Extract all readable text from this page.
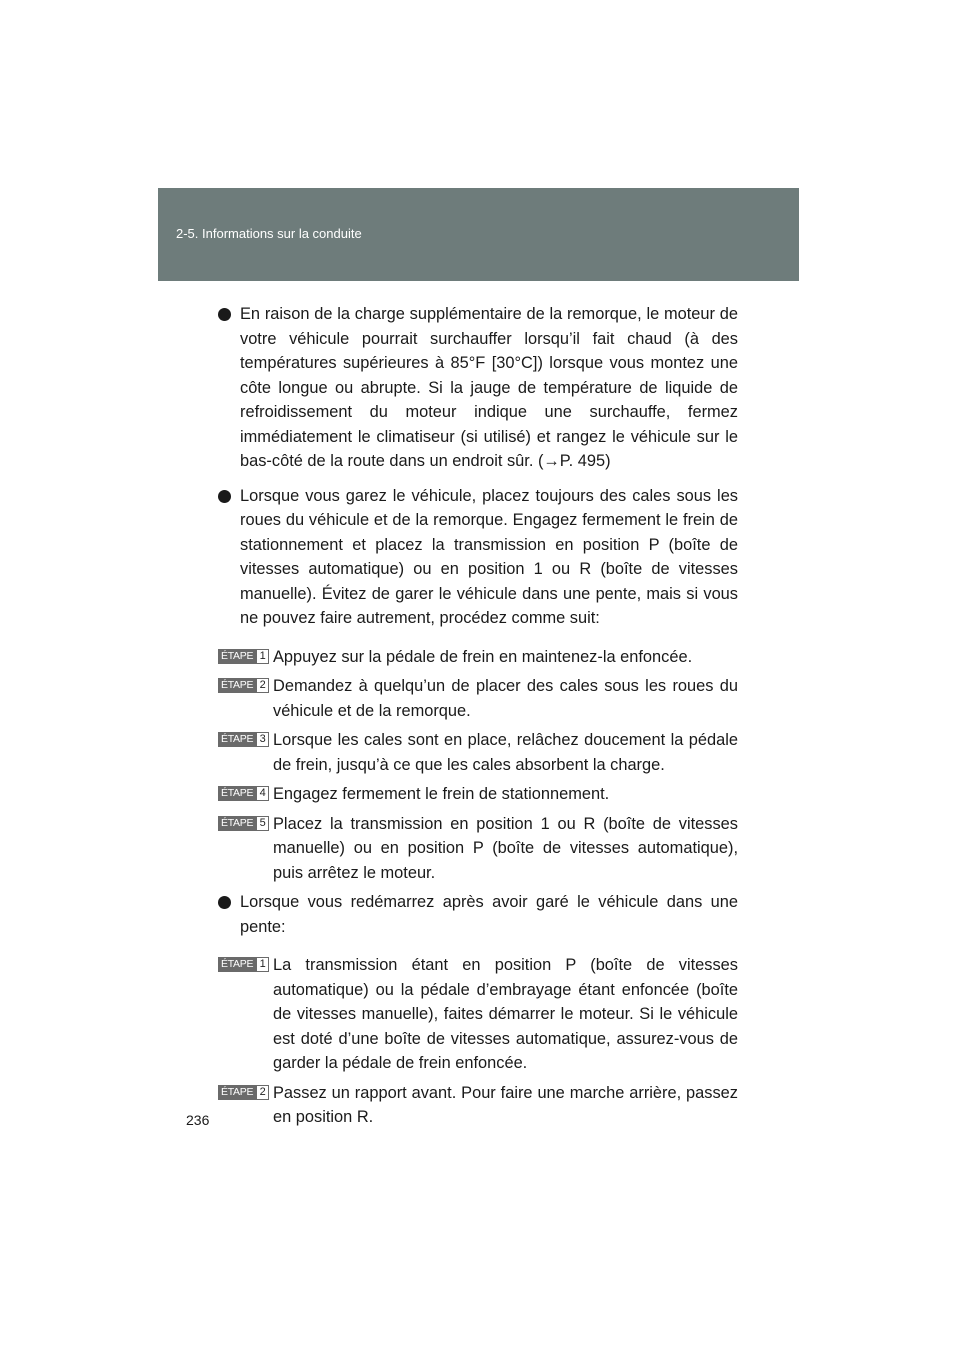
2-5. Informations sur la conduite
En raison de la charge supplémentaire de la remorque, le moteur de votre véhicule pourrait surchauffer lorsqu’il fait chaud (à des températures supérieures à 85°F [30°C]) lorsque vous montez une côte longue ou abrupte. Si la jauge de température de liquide de refroidissement du moteur indique une surchauffe, fermez immédiatement le climatiseur (si utilisé) et rangez le véhicule sur le bas-côté de la route dans un endroit sûr. (→P. 495)
Lorsque vous garez le véhicule, placez toujours des cales sous les roues du véhicule et de la remorque. Engagez fermement le frein de stationnement et placez la transmission en position P (boîte de vitesses automatique) ou en position 1 ou R (boîte de vitesses manuelle). Évitez de garer le véhicule dans une pente, mais si vous ne pouvez faire autrement, procédez comme suit:
ÉTAPE 1 Appuyez sur la pédale de frein en maintenez-la enfoncée.
ÉTAPE 2 Demandez à quelqu’un de placer des cales sous les roues du véhicule et de la remorque.
ÉTAPE 3 Lorsque les cales sont en place, relâchez doucement la pédale de frein, jusqu’à ce que les cales absorbent la charge.
ÉTAPE 4 Engagez fermement le frein de stationnement.
ÉTAPE 5 Placez la transmission en position 1 ou R (boîte de vitesses manuelle) ou en position P (boîte de vitesses automatique), puis arrêtez le moteur.
Lorsque vous redémarrez après avoir garé le véhicule dans une pente:
ÉTAPE 1 La transmission étant en position P (boîte de vitesses automatique) ou la pédale d’embrayage étant enfoncée (boîte de vitesses manuelle), faites démarrer le moteur. Si le véhicule est doté d’une boîte de vitesses automatique, assurez-vous de garder la pédale de frein enfoncée.
ÉTAPE 2 Passez un rapport avant. Pour faire une marche arrière, passez en position R.
236
